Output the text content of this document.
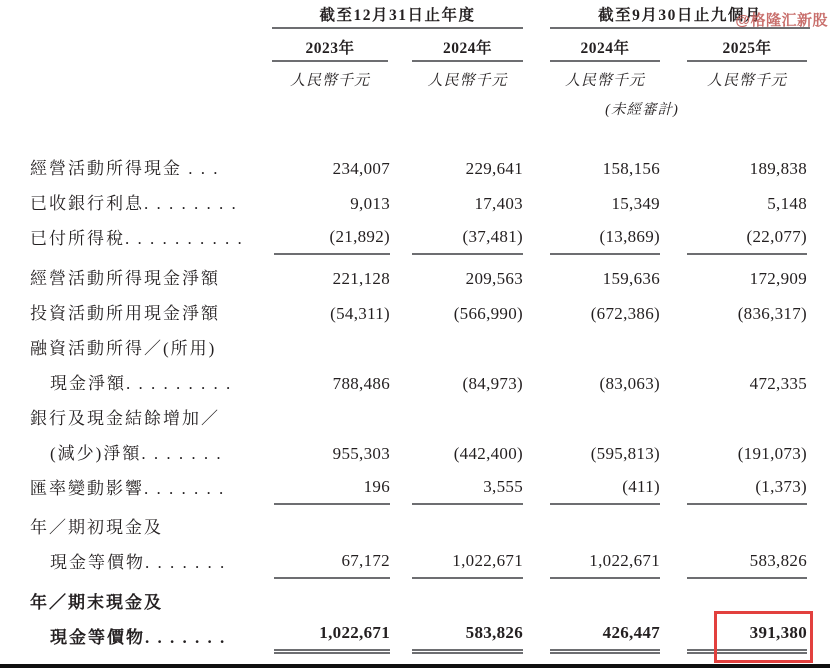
@格隆汇新股
截至12月31日止年度	截至9月30日止九個月
2023年	2024年	2024年	2025年
人民幣千元	人民幣千元	人民幣千元	人民幣千元
(未經審計)
經營活動所得現金 . . .	234,007	229,641	158,156	189,838
已收銀行利息. . . . . . . .	9,013	17,403	15,349	5,148
已付所得稅. . . . . . . . . .	(21,892)	(37,481)	(13,869)	(22,077)
經營活動所得現金淨額	221,128	209,563	159,636	172,909
投資活動所用現金淨額	(54,311)	(566,990)	(672,386)	(836,317)
融資活動所得／(所用)
現金淨額. . . . . . . . .	788,486	(84,973)	(83,063)	472,335
銀行及現金結餘增加／
(減少)淨額. . . . . . .	955,303	(442,400)	(595,813)	(191,073)
匯率變動影響. . . . . . .	196	3,555	(411)	(1,373)
年／期初現金及
現金等價物. . . . . . .	67,172	1,022,671	1,022,671	583,826
年／期末現金及
現金等價物. . . . . . .	1,022,671	583,826	426,447	391,380
